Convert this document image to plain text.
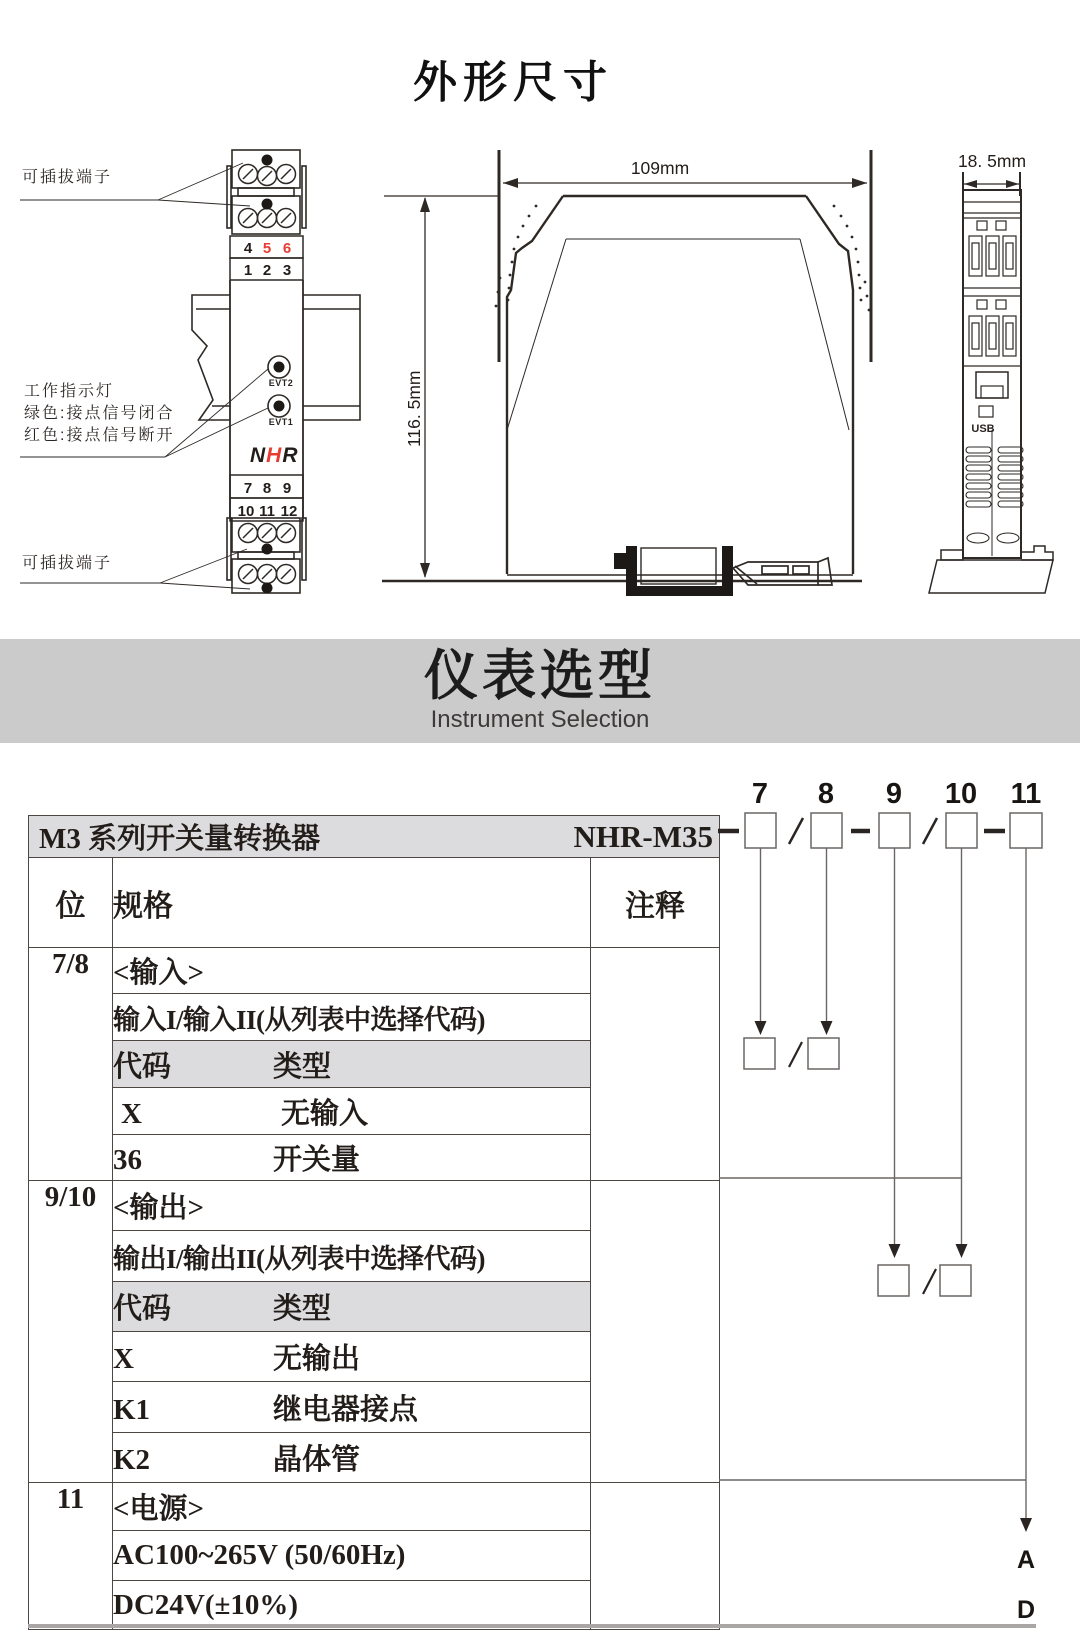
外形尺寸
4 5 6
1 2 3
EVT2
EVT1
NHR
7 8 9
10 11 12
可插拔端子
工作指示灯
绿色:接点信号闭合
红色:接点信号断开
可插拔端子
109mm
116. 5mm
18. 5mm
USB
仪表选型
Instrument Selection
M3 系列开关量转换器 NHR-M35		

位	规格	注释
7/8	<输入>	
	输入I/输入II(从列表中选择代码)	
	代码 类型	
	X 无输入	
	36 开关量	
9/10	<输出>	
	输出I/输出II(从列表中选择代码)	
	代码 类型	
	X 无输出	
	K1 继电器接点	
	K2 晶体管	
11	<电源>	
	AC100~265V (50/60Hz)	
	DC24V(±10%)	
7 8 9 10 11
A
D
